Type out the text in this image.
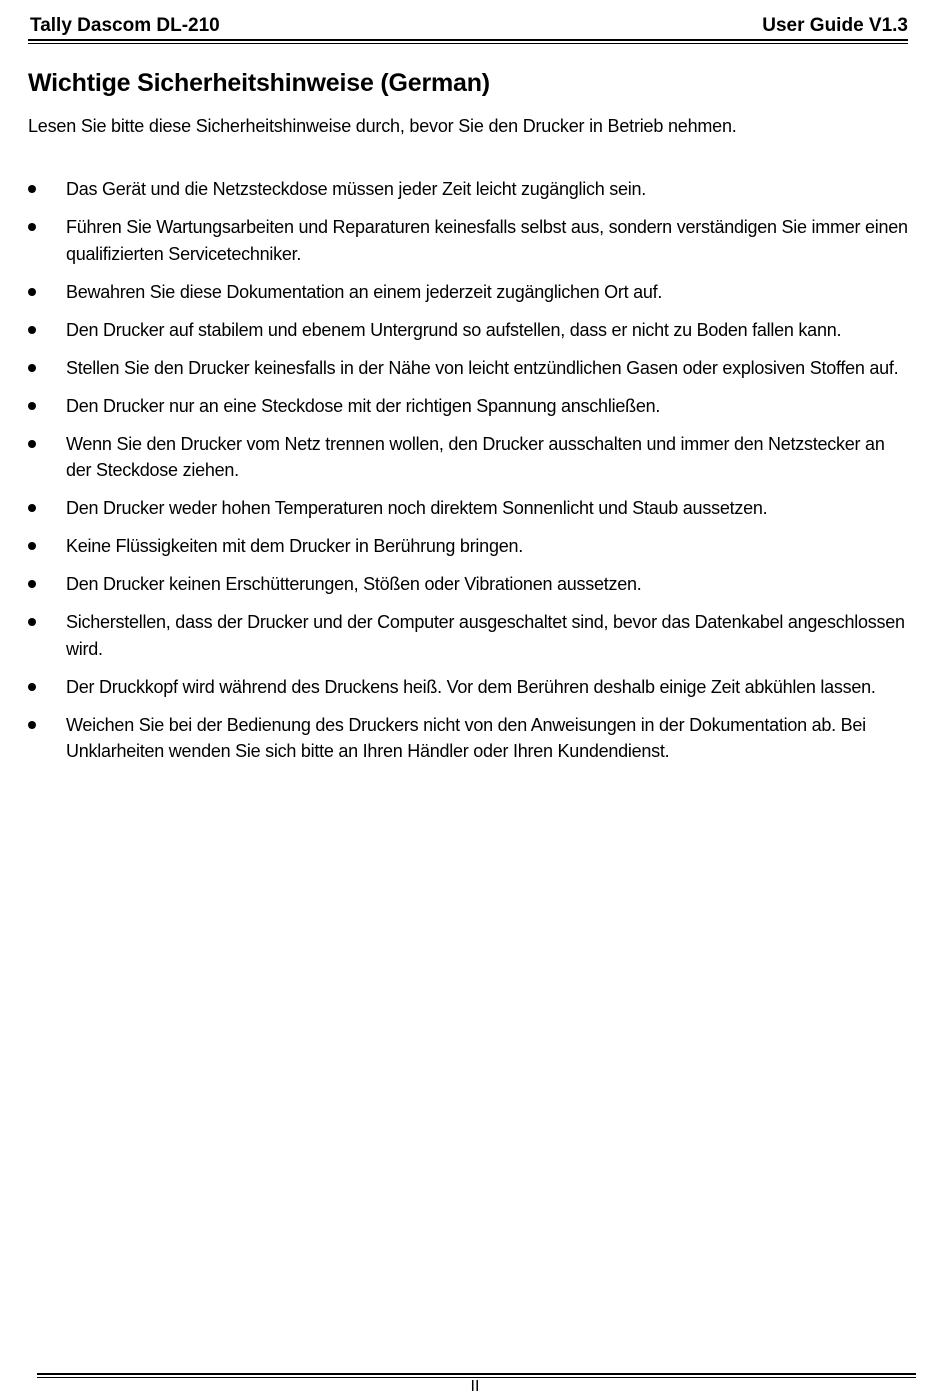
Tally Dascom DL-210	User Guide V1.3
Wichtige Sicherheitshinweise (German)

Lesen Sie bitte diese Sicherheitshinweise durch, bevor Sie den Drucker in Betrieb nehmen.

Das Gerät und die Netzsteckdose müssen jeder Zeit leicht zugänglich sein.
Führen Sie Wartungsarbeiten und Reparaturen keinesfalls selbst aus, sondern verständigen Sie immer einen qualifizierten Servicetechniker.
Bewahren Sie diese Dokumentation an einem jederzeit zugänglichen Ort auf.
Den Drucker auf stabilem und ebenem Untergrund so aufstellen, dass er nicht zu Boden fallen kann.
Stellen Sie den Drucker keinesfalls in der Nähe von leicht entzündlichen Gasen oder explosiven Stoffen auf.
Den Drucker nur an eine Steckdose mit der richtigen Spannung anschließen.
Wenn Sie den Drucker vom Netz trennen wollen, den Drucker ausschalten und immer den Netzstecker an der Steckdose ziehen.
Den Drucker weder hohen Temperaturen noch direktem Sonnenlicht und Staub aussetzen.
Keine Flüssigkeiten mit dem Drucker in Berührung bringen.
Den Drucker keinen Erschütterungen, Stößen oder Vibrationen aussetzen.
Sicherstellen, dass der Drucker und der Computer ausgeschaltet sind, bevor das Datenkabel angeschlossen wird.
Der Druckkopf wird während des Druckens heiß. Vor dem Berühren deshalb einige Zeit abkühlen lassen.
Weichen Sie bei der Bedienung des Druckers nicht von den Anweisungen in der Dokumentation ab. Bei Unklarheiten wenden Sie sich bitte an Ihren Händler oder Ihren Kundendienst.
II
